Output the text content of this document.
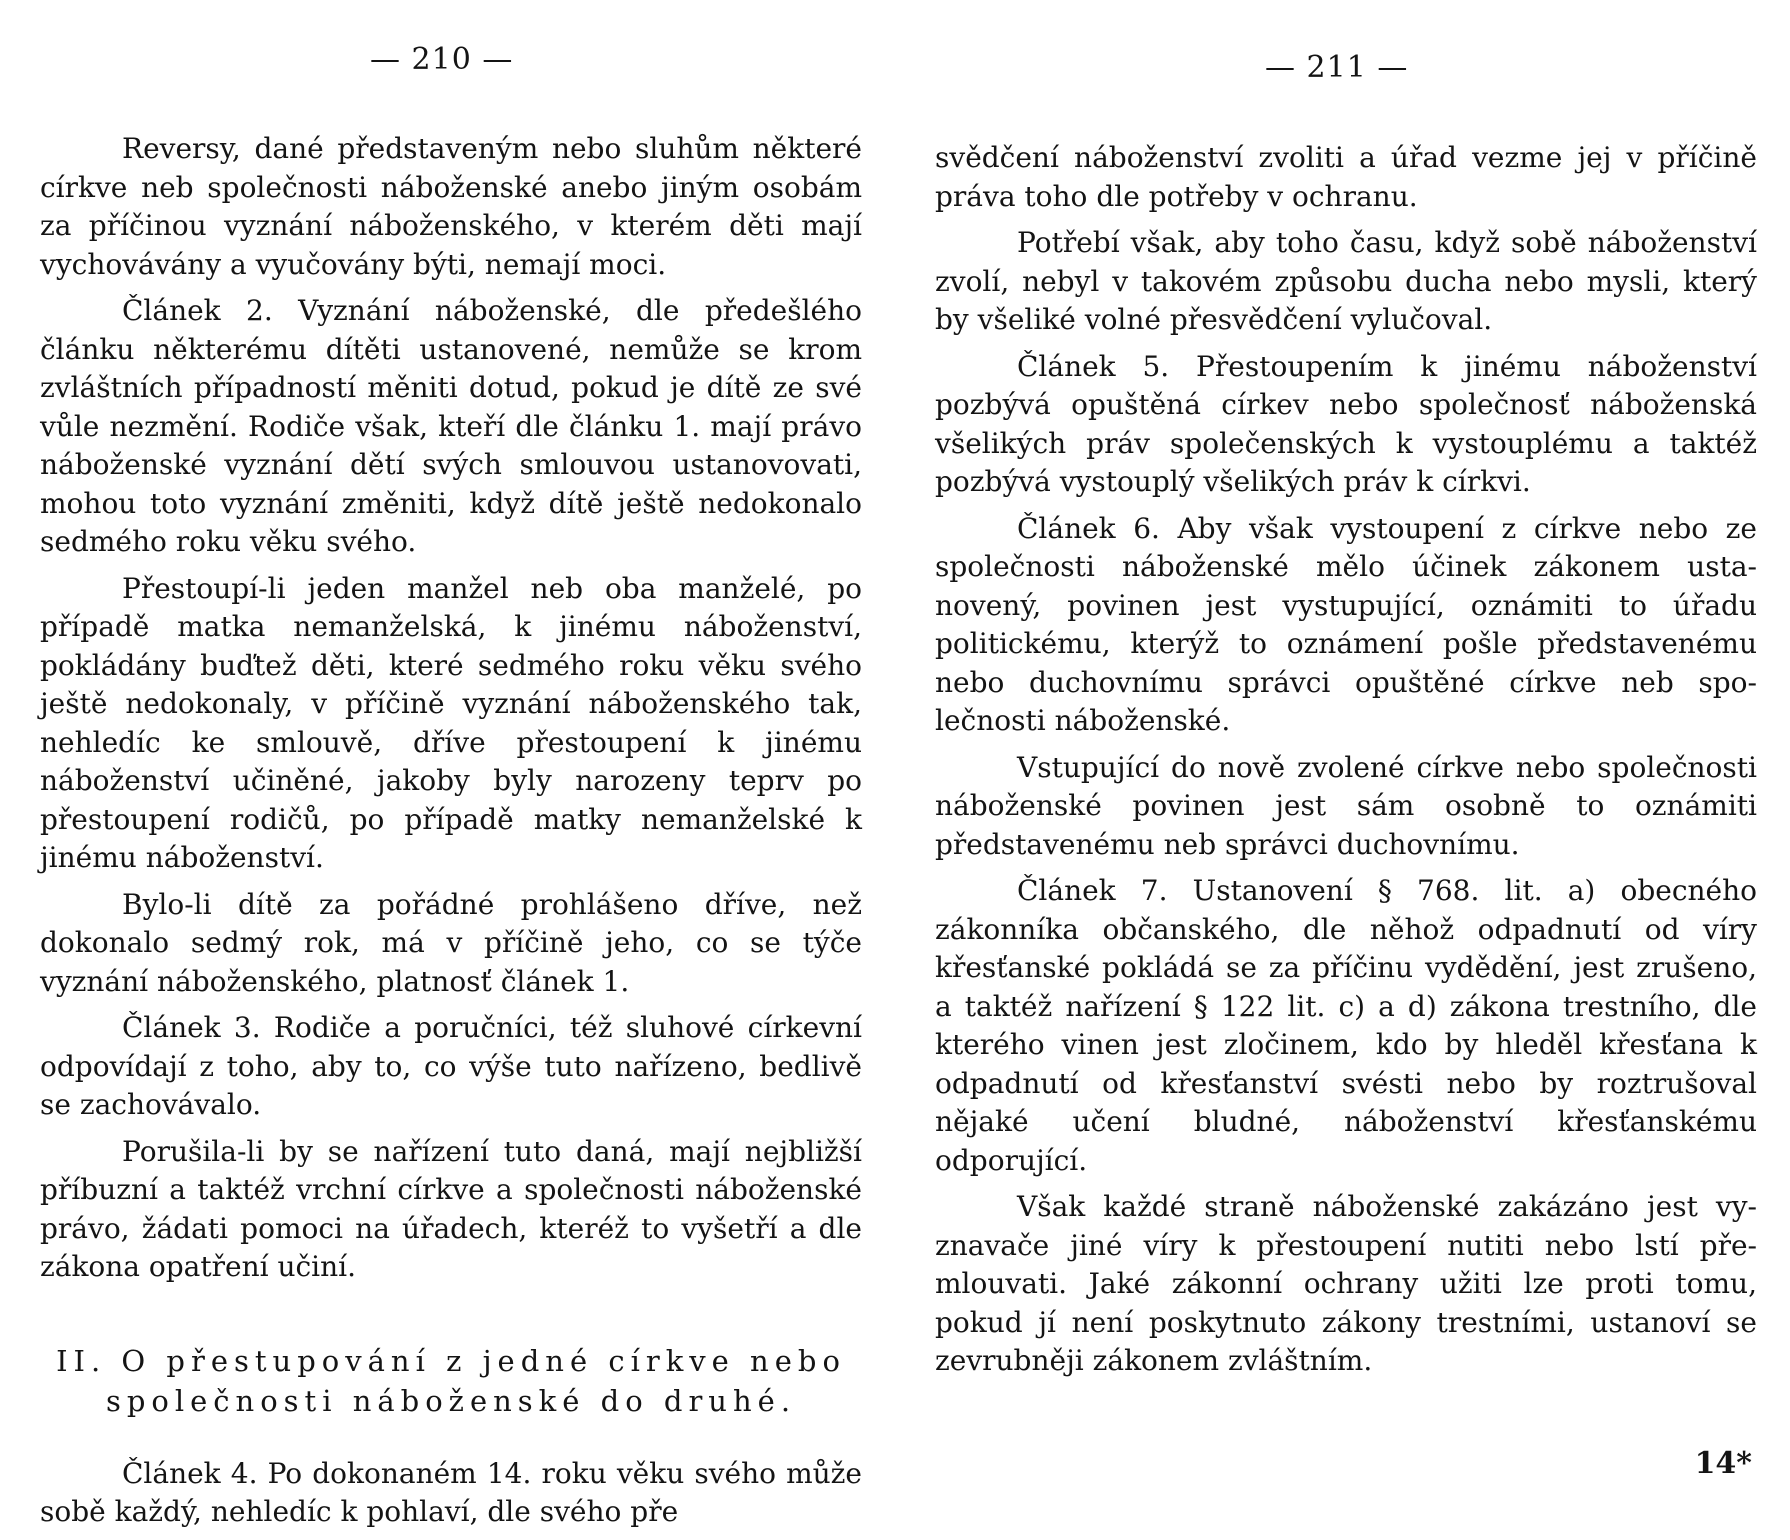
— 210 —

Reversy, dané představeným nebo sluhům některé církve neb společnosti náboženské anebo jiným osobám za příčinou vyznání náboženského, v kterém děti mají vychovávány a vyučovány býti, nemají moci.

Článek 2. Vyznání náboženské, dle předešlého článku některému dítěti ustanovené, nemůže se krom zvláštních případností měniti dotud, pokud je dítě ze své vůle nezmění. Rodiče však, kteří dle článku 1. mají právo náboženské vyznání dětí svých smlouvou ustanovovati, mohou toto vyznání změniti, když dítě ještě nedokonalo sedmého roku věku svého.

Přestoupí-li jeden manžel neb oba manželé, po případě matka nemanželská, k jinému náboženství, pokládány buďtež děti, které sedmého roku věku svého ještě nedokonaly, v příčině vyznání náboženského tak, nehledíc ke smlouvě, dříve přestoupení k jinému náboženství učiněné, jakoby byly narozeny teprv po přestoupení rodičů, po případě matky nemanželské k jinému náboženství.

Bylo-li dítě za pořádné prohlášeno dříve, než dokonalo sedmý rok, má v příčině jeho, co se týče vyznání náboženského, platnosť článek 1.

Článek 3. Rodiče a poručníci, též sluhové církevní odpovídají z toho, aby to, co výše tuto nařízeno, bedlivě se zachovávalo.

Porušila-li by se nařízení tuto daná, mají nejbližší příbuzní a taktéž vrchní církve a společnosti náboženské právo, žádati pomoci na úřadech, kteréž to vyšetří a dle zákona opatření učiní.

II. O přestupování z jedné církve nebo společnosti náboženské do druhé.

Článek 4. Po dokonaném 14. roku věku svého může sobě každý, nehledíc k pohlaví, dle svého pře

— 211 —

svědčení náboženství zvoliti a úřad vezme jej v příčině práva toho dle potřeby v ochranu.

Potřebí však, aby toho času, když sobě náboženství zvolí, nebyl v takovém způsobu ducha nebo mysli, který by všeliké volné přesvědčení vylučoval.

Článek 5. Přestoupením k jinému náboženství pozbývá opuštěná církev nebo společnosť náboženská všelikých práv společenských k vystouplému a taktéž pozbývá vystouplý všelikých práv k církvi.

Článek 6. Aby však vystoupení z církve nebo ze společnosti náboženské mělo účinek zákonem ustanovený, povinen jest vystupující, oznámiti to úřadu politickému, kterýž to oznámení pošle představenému nebo duchovnímu správci opuštěné církve neb společnosti náboženské.

Vstupující do nově zvolené církve nebo společnosti náboženské povinen jest sám osobně to oznámiti představenému neb správci duchovnímu.

Článek 7. Ustanovení § 768. lit. a) obecného zákonníka občanského, dle něhož odpadnutí od víry křesťanské pokládá se za příčinu vydědění, jest zrušeno, a taktéž nařízení § 122 lit. c) a d) zákona trestního, dle kterého vinen jest zločinem, kdo by hleděl křesťana k odpadnutí od křesťanství svésti nebo by roztrušoval nějaké učení bludné, náboženství křesťanskému odporující.

Však každé straně náboženské zakázáno jest vyznavače jiné víry k přestoupení nutiti nebo lstí přemlouvati. Jaké zákonní ochrany užiti lze proti tomu, pokud jí není poskytnuto zákony trestními, ustanoví se zevrubněji zákonem zvláštním.

14*
